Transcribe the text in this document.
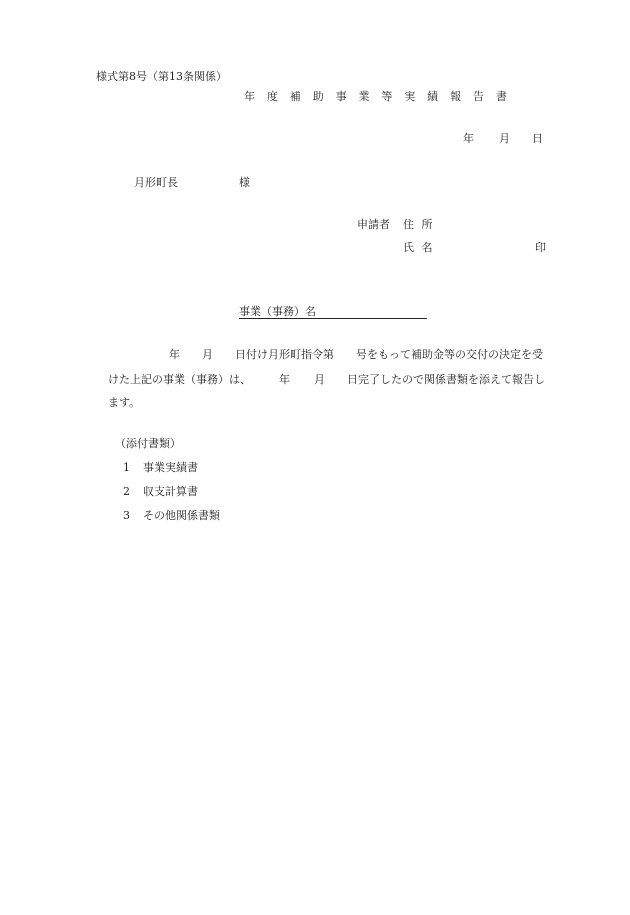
様式第8号（第13条関係）
年 度 補 助 事 業 等 実 績 報 告 書
年 月 日
月形町長	様
申請者 住 所
氏 名	印
事業（事務）名
年 月 日付け月形町指令第 号をもって補助金等の交付の決定を受
けた上記の事業（事務）は、	年 月 日完了したので関係書類を添えて報告し
ます。
（添付書類）
1 事業実績書
2 収支計算書
3 その他関係書類
